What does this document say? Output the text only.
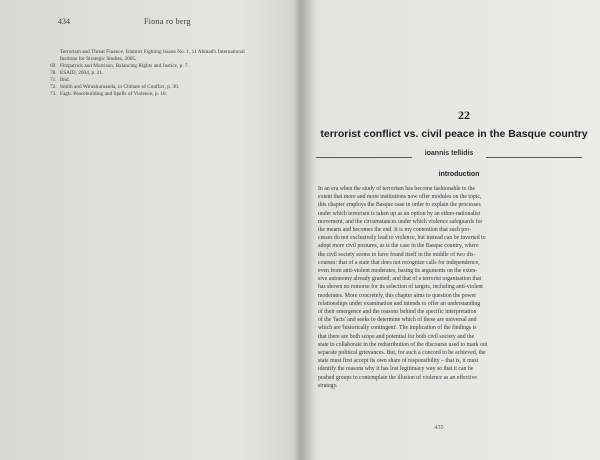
434	Fiona ro berg
Terrorism and Threat Finance, Islamist Fighting Issues No. 1, 11 Ahmad's International
Institute for Strategic Studies, 2005.
69. Fitzpatrick and Morrison, Balancing Rights and Justice, p. 7.
70. ESAID, 2004, p. 21.
71. Ibid.
72. Smith and Wirakkumanda, in Climate of Conflict, p. 30.
73. Fagh. Peacebuilding and Spells of Violence, p. 10.
22
terrorist conflict vs. civil peace in the Basque country
ioannis tellidis
introduction
In an era when the study of terrorism has become fashionable to the
extent that more and more institutions now offer modules on the topic,
this chapter employs the Basque case in order to explain the processes
under which terrorism is taken up as an option by an ethno-nationalist
movement, and the circumstances under which violence safeguards for
the means and becomes the end. It is my contention that such pro-
cesses do not exclusively lead to violence, but instead can be inverted to
adopt more civil postures, as is the case in the Basque country, where
the civil society seems to have found itself in the middle of two dis-
courses: that of a state that does not recognize calls for independence,
even from anti-violent moderates, basing its arguments on the exten-
sive autonomy already granted; and that of a terrorist organisation that
has shown no remorse for its selection of targets, including anti-violent
moderates. More concretely, this chapter aims to question the power
relationships under examination and intends to offer an understanding
of their emergence and the reasons behind the specific interpretation
of the 'facts' and seeks to determine which of these are universal and
which are 'historically contingent'. The implication of the findings is
that there are both scope and potential for both civil society and the
state to collaborate in the redistribution of the discourse used to mark out
separate political grievances. But, for such a concord to be achieved, the
state must first accept its own share of responsibility – that is, it must
identify the reasons why it has lost legitimacy way so that it can be
pushed groups to contemplate the illusion of violence as an effective
strategy.
435
